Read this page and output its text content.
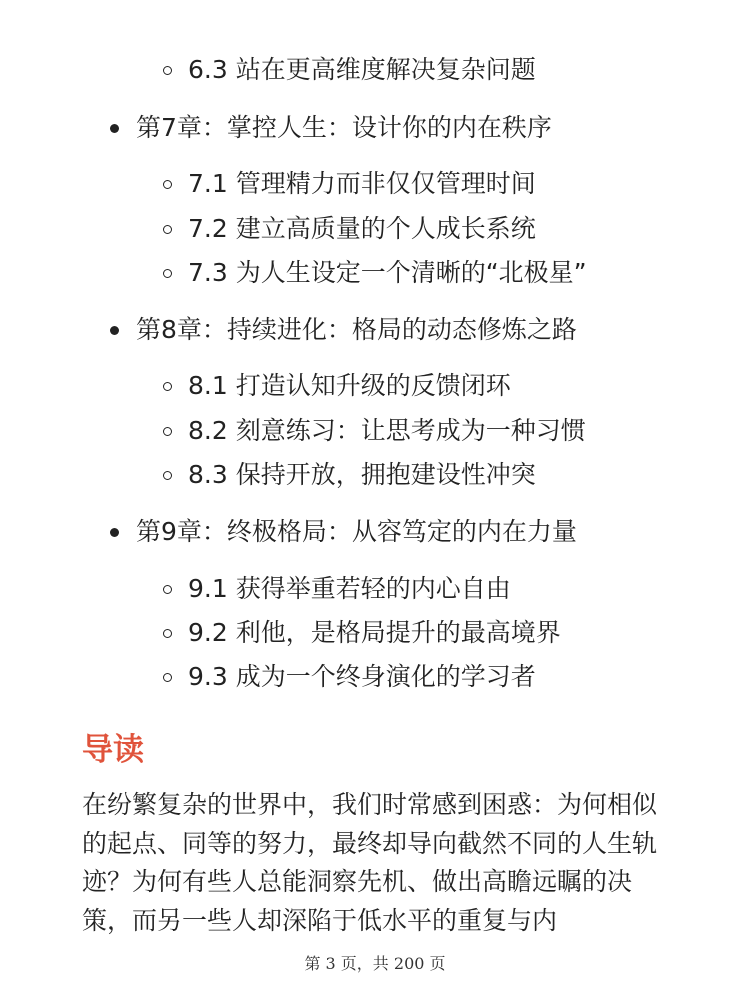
6.3 站在更高维度解决复杂问题
第7章：掌控人生：设计你的内在秩序
7.1 管理精力而非仅仅管理时间
7.2 建立高质量的个人成长系统
7.3 为人生设定一个清晰的“北极星”
第8章：持续进化：格局的动态修炼之路
8.1 打造认知升级的反馈闭环
8.2 刻意练习：让思考成为一种习惯
8.3 保持开放，拥抱建设性冲突
第9章：终极格局：从容笃定的内在力量
9.1 获得举重若轻的内心自由
9.2 利他，是格局提升的最高境界
9.3 成为一个终身演化的学习者
导读

在纷繁复杂的世界中，我们时常感到困惑：为何相似的起点、同等的努力，最终却导向截然不同的人生轨迹？为何有些人总能洞察先机、做出高瞻远瞩的决策，而另一些人却深陷于低水平的重复与内

第 3 页，共 200 页
